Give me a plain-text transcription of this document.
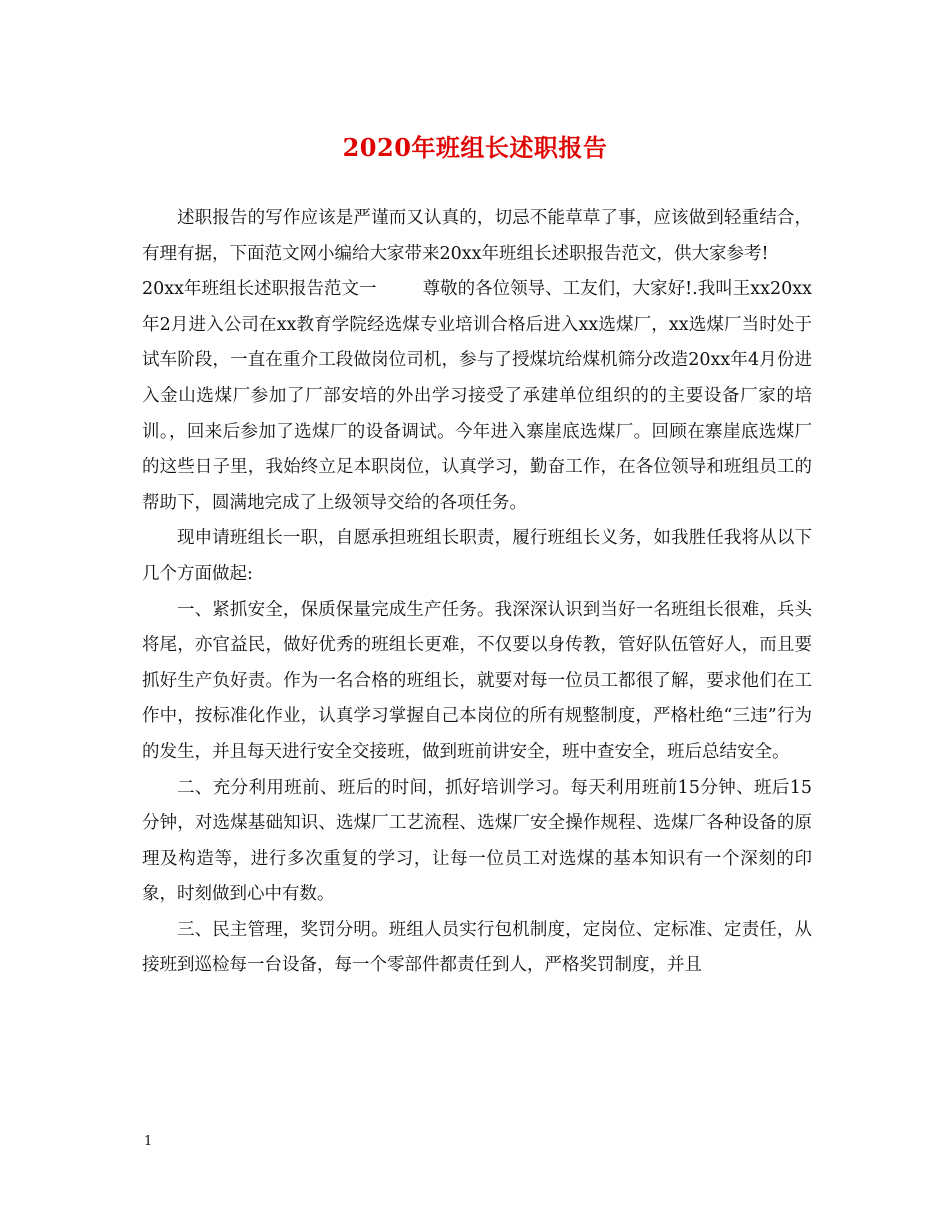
2020年班组长述职报告

述职报告的写作应该是严谨而又认真的，切忌不能草草了事，应该做到轻重结合，有理有据，下面范文网小编给大家带来20xx年班组长述职报告范文，供大家参考!

20xx年班组长述职报告范文一	尊敬的各位领导、工友们，大家好!.我叫王xx20xx年2月进入公司在xx教育学院经选煤专业培训合格后进入xx选煤厂，xx选煤厂当时处于试车阶段，一直在重介工段做岗位司机，参与了授煤坑给煤机筛分改造20xx年4月份进入金山选煤厂参加了厂部安培的外出学习接受了承建单位组织的的主要设备厂家的培训。，回来后参加了选煤厂的设备调试。今年进入寨崖底选煤厂。回顾在寨崖底选煤厂的这些日子里，我始终立足本职岗位，认真学习，勤奋工作，在各位领导和班组员工的帮助下，圆满地完成了上级领导交给的各项任务。

现申请班组长一职，自愿承担班组长职责，履行班组长义务，如我胜任我将从以下几个方面做起:

一、紧抓安全，保质保量完成生产任务。我深深认识到当好一名班组长很难，兵头将尾，亦官益民，做好优秀的班组长更难，不仅要以身传教，管好队伍管好人，而且要抓好生产负好责。作为一名合格的班组长，就要对每一位员工都很了解，要求他们在工作中，按标准化作业，认真学习掌握自己本岗位的所有规整制度，严格杜绝“三违”行为的发生，并且每天进行安全交接班，做到班前讲安全，班中查安全，班后总结安全。

二、充分利用班前、班后的时间，抓好培训学习。每天利用班前15分钟、班后15分钟，对选煤基础知识、选煤厂工艺流程、选煤厂安全操作规程、选煤厂各种设备的原理及构造等，进行多次重复的学习，让每一位员工对选煤的基本知识有一个深刻的印象，时刻做到心中有数。

三、民主管理，奖罚分明。班组人员实行包机制度，定岗位、定标准、定责任，从接班到巡检每一台设备，每一个零部件都责任到人，严格奖罚制度，并且

1
